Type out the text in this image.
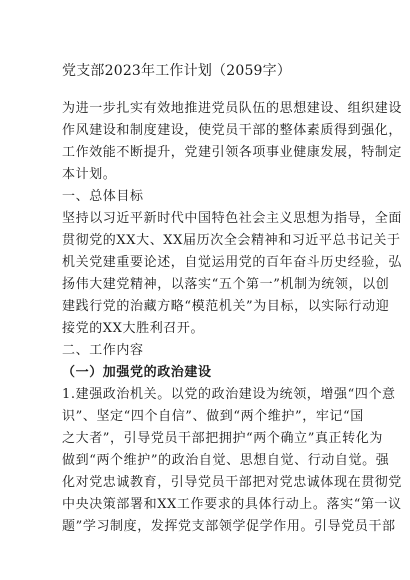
党支部2023年工作计划（2059字）
为进一步扎实有效地推进党员队伍的思想建设、组织建设
作风建设和制度建设，使党员干部的整体素质得到强化，
工作效能不断提升，党建引领各项事业健康发展，特制定
本计划。
一、总体目标
坚持以习近平新时代中国特色社会主义思想为指导，全面
贯彻党的XX大、XX届历次全会精神和习近平总书记关于
机关党建重要论述，自觉运用党的百年奋斗历史经验，弘
扬伟大建党精神，以落实“五个第一”机制为统领，以创
建践行党的治藏方略“模范机关”为目标，以实际行动迎
接党的XX大胜利召开。
二、工作内容
（一）加强党的政治建设
1.建强政治机关。以党的政治建设为统领，增强“四个意
识”、坚定“四个自信”、做到“两个维护”，牢记“国
之大者”，引导党员干部把拥护“两个确立”真正转化为
做到“两个维护”的政治自觉、思想自觉、行动自觉。强
化对党忠诚教育，引导党员干部把对党忠诚体现在贯彻党
中央决策部署和XX工作要求的具体行动上。落实“第一议
题”学习制度，发挥党支部领学促学作用。引导党员干部
